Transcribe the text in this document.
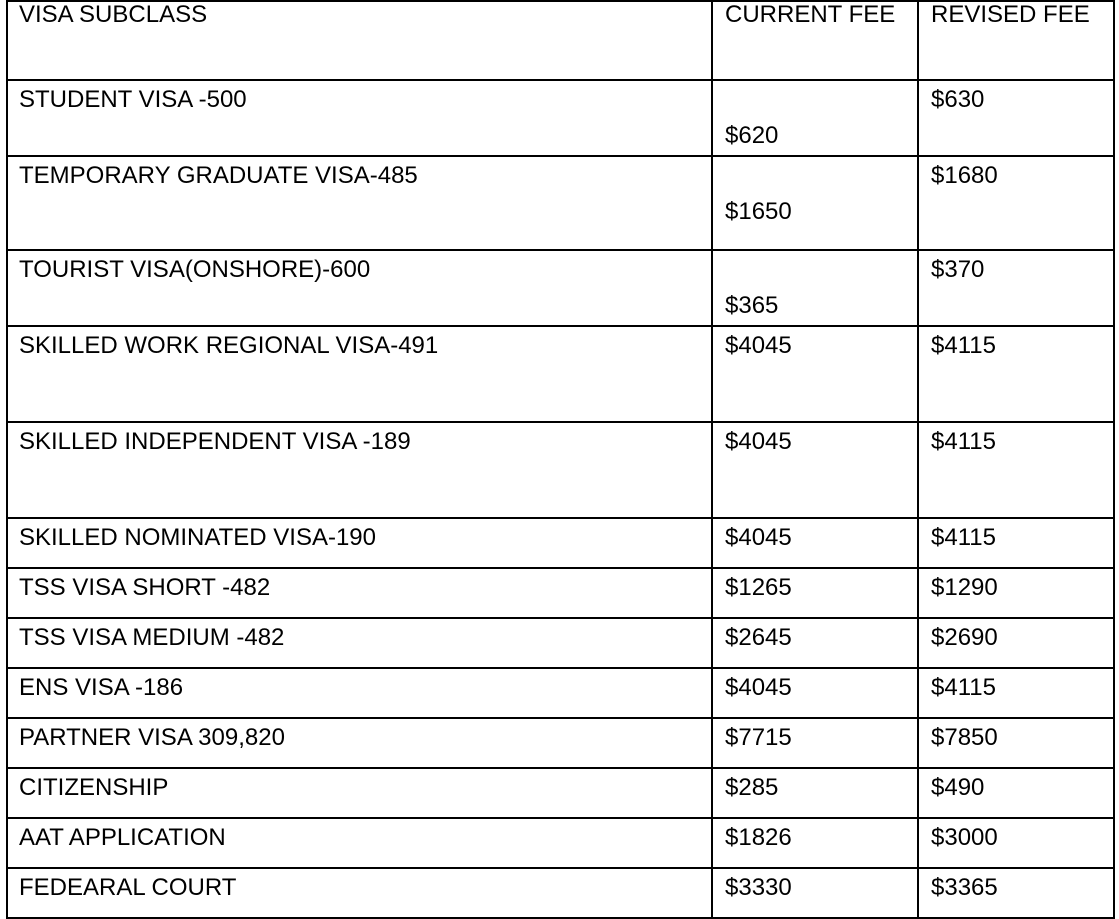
VISA SUBCLASS	CURRENT FEE	REVISED FEE

STUDENT VISA -500	$620	$630

TEMPORARY GRADUATE VISA-485	$1650	$1680

TOURIST VISA(ONSHORE)-600	$365	$370

SKILLED WORK REGIONAL VISA-491	$4045	$4115

SKILLED INDEPENDENT VISA -189	$4045	$4115

SKILLED NOMINATED VISA-190	$4045	$4115

TSS VISA SHORT -482	$1265	$1290

TSS VISA MEDIUM -482	$2645	$2690

ENS VISA -186	$4045	$4115

PARTNER VISA 309,820	$7715	$7850

CITIZENSHIP	$285	$490

AAT APPLICATION	$1826	$3000

FEDEARAL COURT	$3330	$3365
